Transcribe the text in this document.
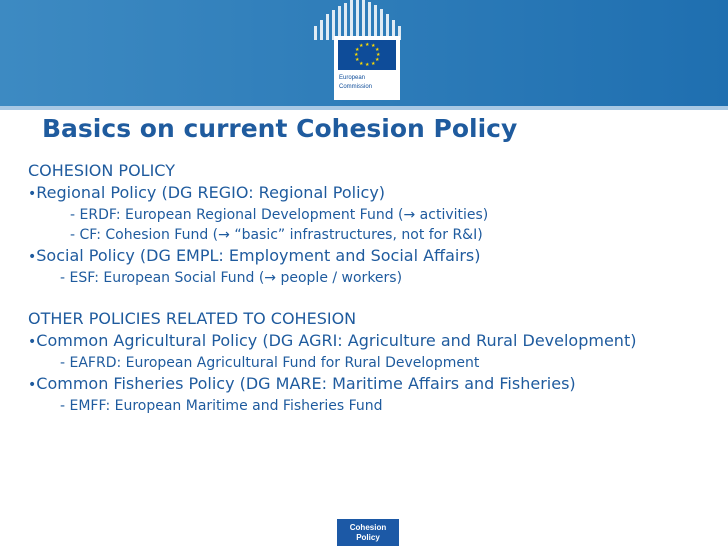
★ ★
★
★
★
★
★
★
★
★
★
★
European
Commission
Basics on current Cohesion Policy

COHESION POLICY

•Regional Policy (DG REGIO: Regional Policy)

- ERDF: European Regional Development Fund (→ activities)

- CF: Cohesion Fund (→ “basic” infrastructures, not for R&I)

•Social Policy (DG EMPL: Employment and Social Affairs)

- ESF: European Social Fund (→ people / workers)

OTHER POLICIES RELATED TO COHESION

•Common Agricultural Policy (DG AGRI: Agriculture and Rural Development)

- EAFRD: European Agricultural Fund for Rural Development

•Common Fisheries Policy (DG MARE: Maritime Affairs and Fisheries)

- EMFF: European Maritime and Fisheries Fund

Cohesion
Policy
